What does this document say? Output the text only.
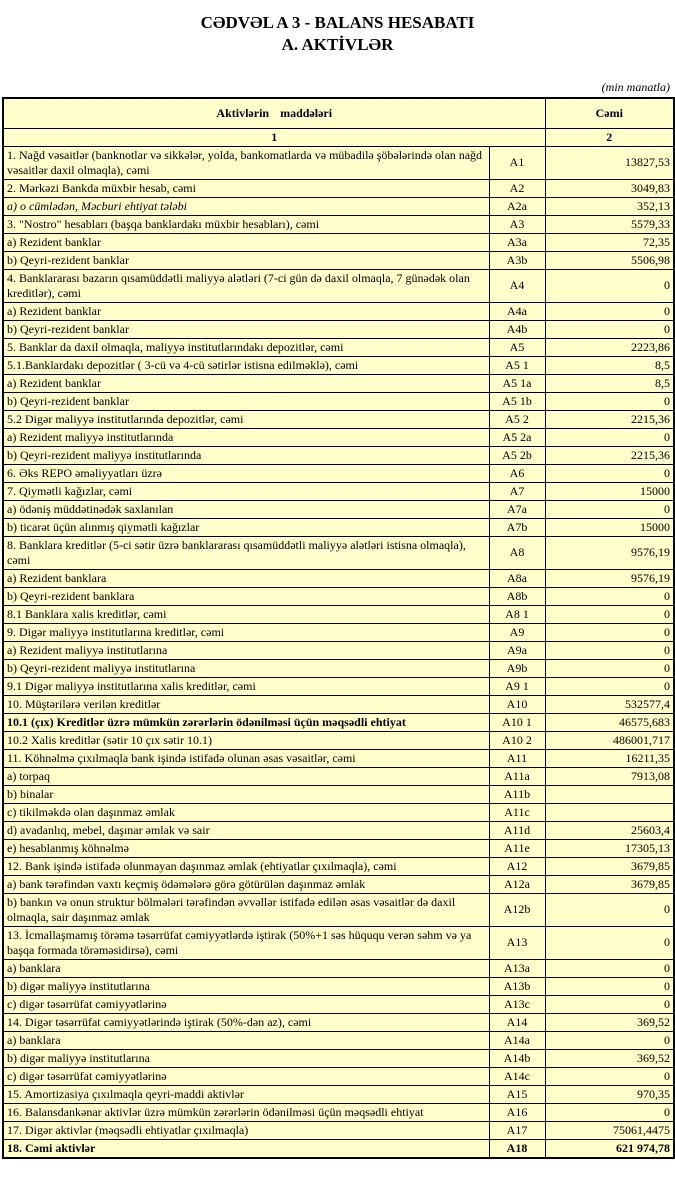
CƏDVƏL A 3 - BALANS HESABATI
A. AKTİVLƏR
(min manatla)
Aktivlərin maddələri		Cəmi
1		2
1. Nağd vəsaitlər (banknotlar və sikkələr, yolda, bankomatlarda və mübadilə şöbələrində olan nağd vəsaitlər daxil olmaqla), cəmi	A1	13827,53
2. Mərkəzi Bankda müxbir hesab, cəmi	A2	3049,83
a) o cümlədən, Məcburi ehtiyat tələbi	A2a	352,13
3. "Nostro" hesabları (başqa banklardakı müxbir hesabları), cəmi	A3	5579,33
a) Rezident banklar	A3a	72,35
b) Qeyri-rezident banklar	A3b	5506,98
4. Banklararası bazarın qısamüddətli maliyyə alətləri (7-ci gün də daxil olmaqla, 7 günədək olan kreditlər), cəmi	A4	0
a) Rezident banklar	A4a	0
b) Qeyri-rezident banklar	A4b	0
5. Banklar da daxil olmaqla, maliyyə institutlarındakı depozitlər, cəmi	A5	2223,86
5.1.Banklardakı depozitlər ( 3-cü və 4-cü sətirlər istisna edilməklə), cəmi	A5 1	8,5
a) Rezident banklar	A5 1a	8,5
b) Qeyri-rezident banklar	A5 1b	0
5.2 Digər maliyyə institutlarında depozitlər, cəmi	A5 2	2215,36
a) Rezident maliyyə institutlarında	A5 2a	0
b) Qeyri-rezident maliyyə institutlarında	A5 2b	2215,36
6. Əks REPO əməliyyatları üzrə	A6	0
7. Qiymətli kağızlar, cəmi	A7	15000
a) ödəniş müddətinədək saxlanılan	A7a	0
b) ticarət üçün alınmış qiymətli kağızlar	A7b	15000
8. Banklara kreditlər (5-ci sətir üzrə banklararası qısamüddətli maliyyə alətləri istisna olmaqla), cəmi	A8	9576,19
a) Rezident banklara	A8a	9576,19
b) Qeyri-rezident banklara	A8b	0
8.1 Banklara xalis kreditlər, cəmi	A8 1	0
9. Digər maliyyə institutlarına kreditlər, cəmi	A9	0
a) Rezident maliyyə institutlarına	A9a	0
b) Qeyri-rezident maliyyə institutlarına	A9b	0
9.1 Digər maliyyə institutlarına xalis kreditlər, cəmi	A9 1	0
10. Müştərilərə verilən kreditlər	A10	532577,4
10.1 (çıx) Kreditlər üzrə mümkün zərərlərin ödənilməsi üçün məqsədli ehtiyat	A10 1	46575,683
10.2 Xalis kreditlər (sətir 10 çıx sətir 10.1)	A10 2	486001,717
11. Köhnəlmə çıxılmaqla bank işində istifadə olunan əsas vəsaitlər, cəmi	A11	16211,35
a) torpaq	A11a	7913,08
b) binalar	A11b	
c) tikilməkdə olan daşınmaz əmlak	A11c	
d) avadanlıq, mebel, daşınar əmlak və sair	A11d	25603,4
e) hesablanmış köhnəlmə	A11e	17305,13
12. Bank işində istifadə olunmayan daşınmaz əmlak (ehtiyatlar çıxılmaqla), cəmi	A12	3679,85
a) bank tərəfindən vaxtı keçmiş ödəmələrə görə götürülən daşınmaz əmlak	A12a	3679,85
b) bankın və onun struktur bölmələri tərəfindən əvvəllər istifadə edilən əsas vəsaitlər də daxil olmaqla, sair daşınmaz əmlak	A12b	0
13. İcmallaşmamış törəmə təsərrüfat cəmiyyətlərdə iştirak (50%+1 səs hüququ verən səhm və ya başqa formada törəməsidirsə), cəmi	A13	0
a) banklara	A13a	0
b) digər maliyyə institutlarına	A13b	0
c) digər təsərrüfat cəmiyyətlərinə	A13c	0
14. Digər təsərrüfat cəmiyyətlərində iştirak (50%-dən az), cəmi	A14	369,52
a) banklara	A14a	0
b) digər maliyyə institutlarına	A14b	369,52
c) digər təsərrüfat cəmiyyətlərinə	A14c	0
15. Amortizasiya çıxılmaqla qeyri-maddi aktivlər	A15	970,35
16. Balansdankənar aktivlər üzrə mümkün zərərlərin ödənilməsi üçün məqsədli ehtiyat	A16	0
17. Digər aktivlər (məqsədli ehtiyatlar çıxılmaqla)	A17	75061,4475
18. Cəmi aktivlər	A18	621 974,78
